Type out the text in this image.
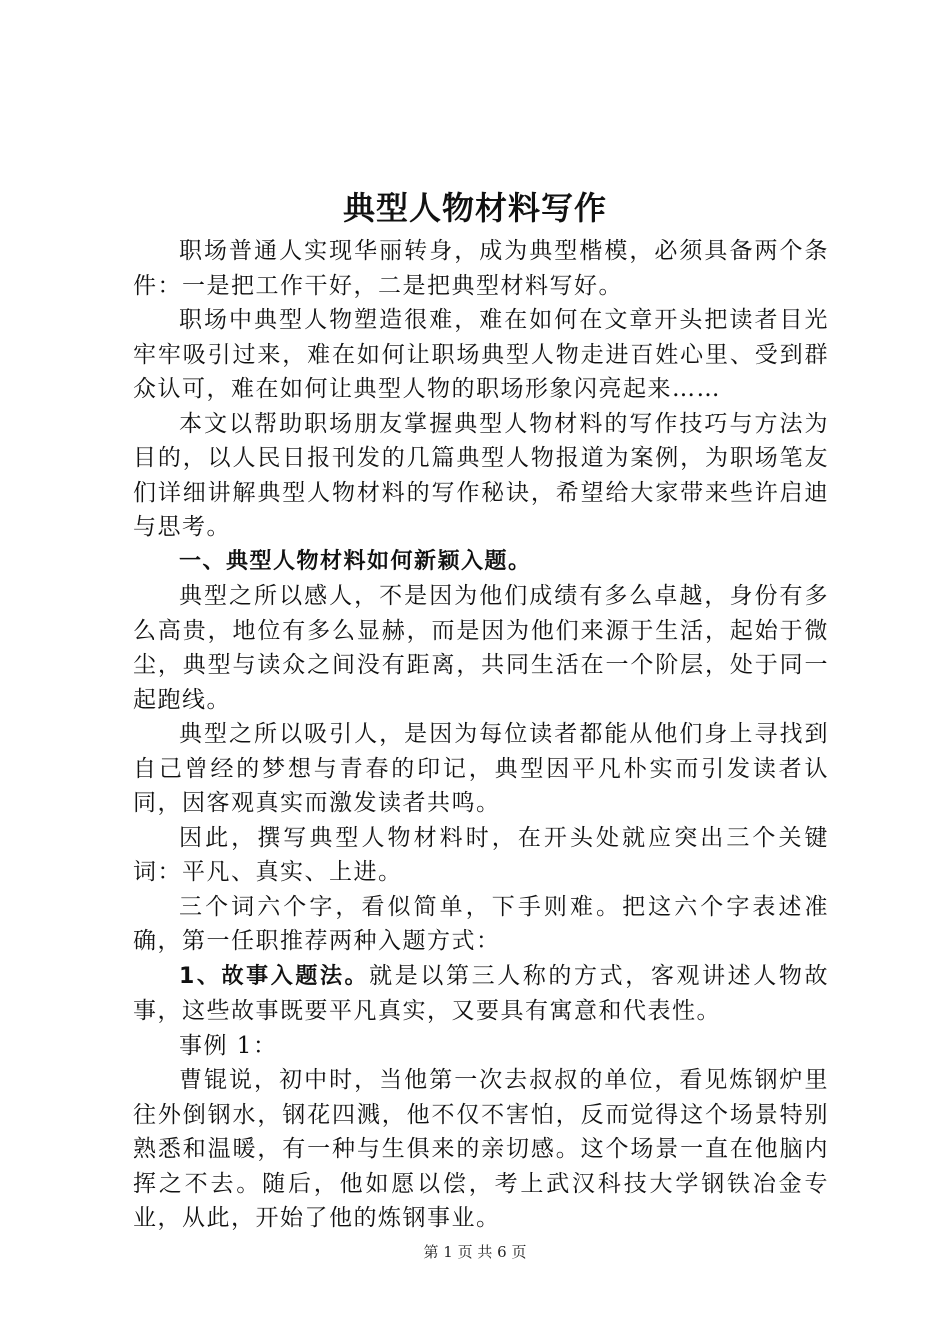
典型人物材料写作

职场普通人实现华丽转身，成为典型楷模，必须具备两个条件：一是把工作干好，二是把典型材料写好。

职场中典型人物塑造很难，难在如何在文章开头把读者目光牢牢吸引过来，难在如何让职场典型人物走进百姓心里、受到群众认可，难在如何让典型人物的职场形象闪亮起来……

本文以帮助职场朋友掌握典型人物材料的写作技巧与方法为目的，以人民日报刊发的几篇典型人物报道为案例，为职场笔友们详细讲解典型人物材料的写作秘诀，希望给大家带来些许启迪与思考。

一、典型人物材料如何新颖入题。

典型之所以感人，不是因为他们成绩有多么卓越，身份有多么高贵，地位有多么显赫，而是因为他们来源于生活，起始于微尘，典型与读众之间没有距离，共同生活在一个阶层，处于同一起跑线。

典型之所以吸引人，是因为每位读者都能从他们身上寻找到自己曾经的梦想与青春的印记，典型因平凡朴实而引发读者认同，因客观真实而激发读者共鸣。

因此，撰写典型人物材料时，在开头处就应突出三个关键词：平凡、真实、上进。

三个词六个字，看似简单，下手则难。把这六个字表述准确，第一任职推荐两种入题方式：

1、故事入题法。就是以第三人称的方式，客观讲述人物故事，这些故事既要平凡真实，又要具有寓意和代表性。

事例 1：

曹锟说，初中时，当他第一次去叔叔的单位，看见炼钢炉里往外倒钢水，钢花四溅，他不仅不害怕，反而觉得这个场景特别熟悉和温暖，有一种与生俱来的亲切感。这个场景一直在他脑内挥之不去。随后，他如愿以偿，考上武汉科技大学钢铁冶金专业，从此，开始了他的炼钢事业。

第 1 页 共 6 页
